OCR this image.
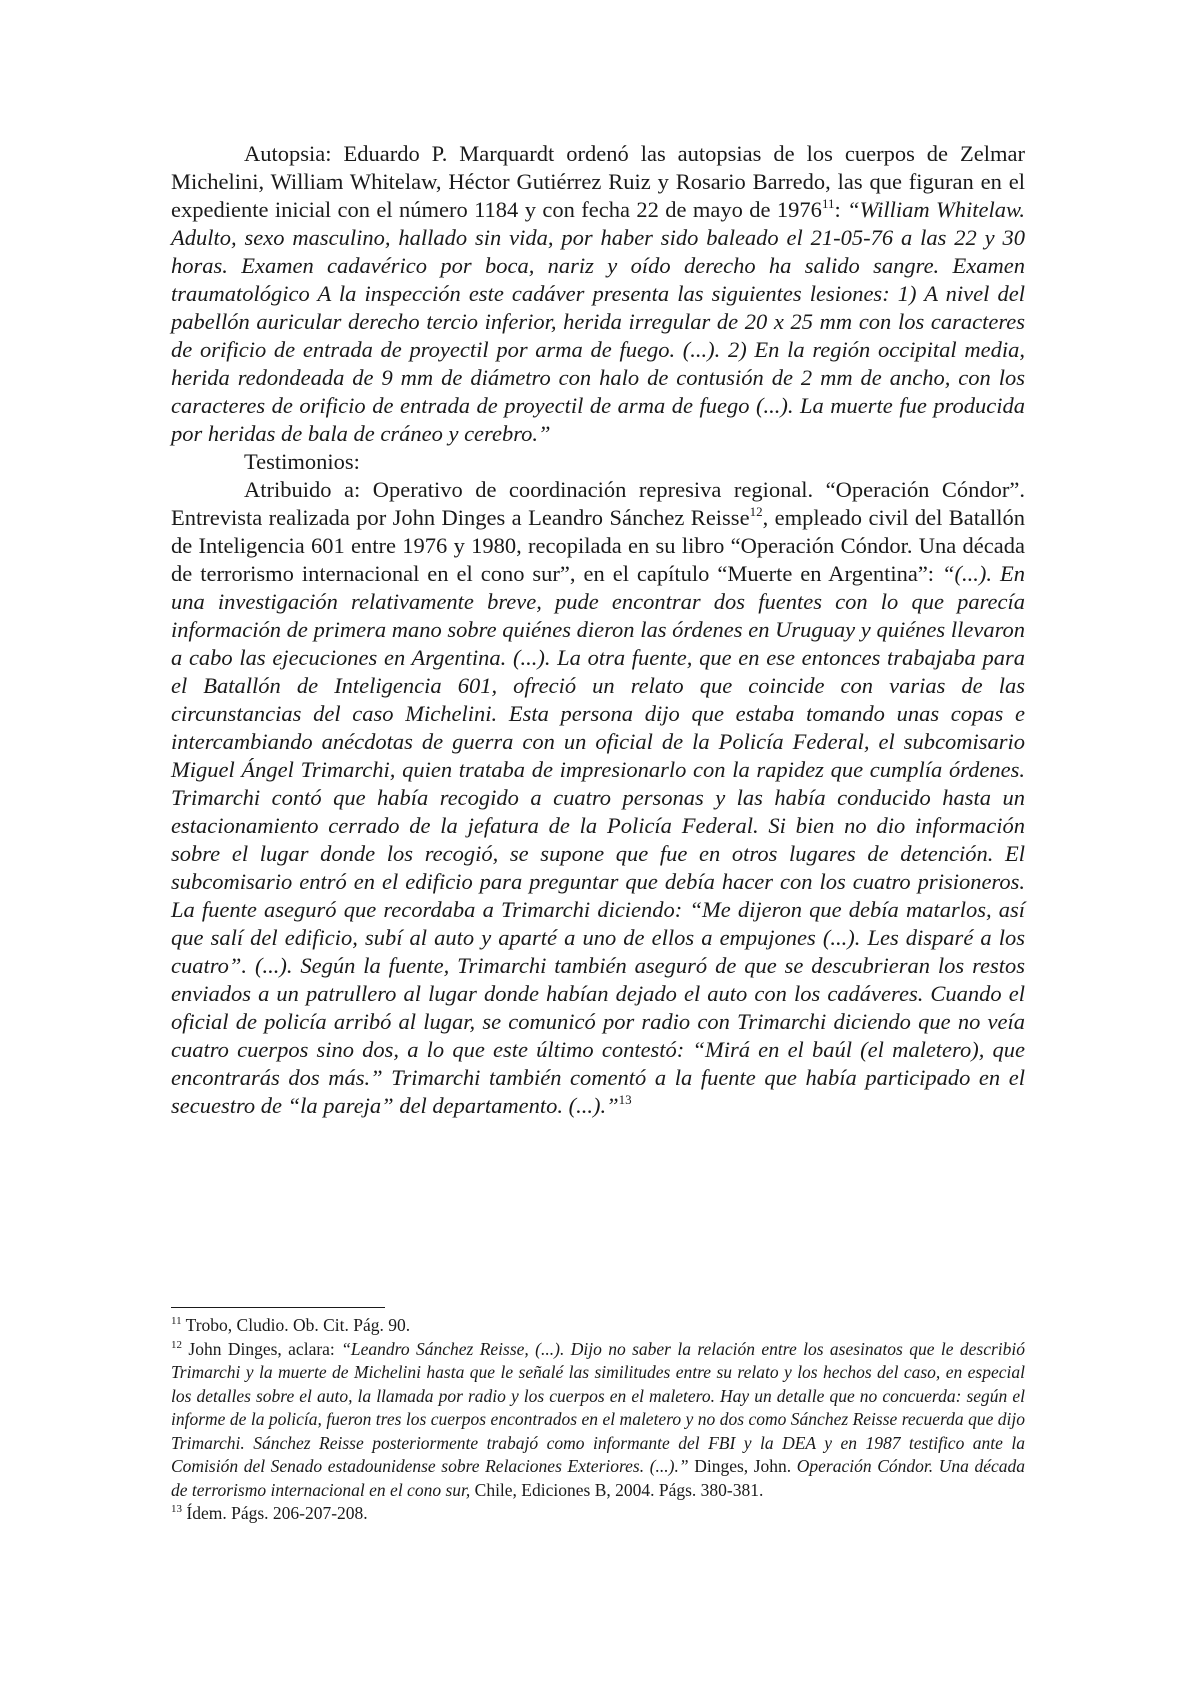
Autopsia: Eduardo P. Marquardt ordenó las autopsias de los cuerpos de Zelmar Michelini, William Whitelaw, Héctor Gutiérrez Ruiz y Rosario Barredo, las que figuran en el expediente inicial con el número 1184 y con fecha 22 de mayo de 1976$^{11}$: “William Whitelaw. Adulto, sexo masculino, hallado sin vida, por haber sido baleado el 21-05-76 a las 22 y 30 horas. Examen cadavérico por boca, nariz y oído derecho ha salido sangre. Examen traumatológico A la inspección este cadáver presenta las siguientes lesiones: 1) A nivel del pabellón auricular derecho tercio inferior, herida irregular de 20 x 25 mm con los caracteres de orificio de entrada de proyectil por arma de fuego. (...). 2) En la región occipital media, herida redondeada de 9 mm de diámetro con halo de contusión de 2 mm de ancho, con los caracteres de orificio de entrada de proyectil de arma de fuego (...). La muerte fue producida por heridas de bala de cráneo y cerebro.”

Testimonios:

Atribuido a: Operativo de coordinación represiva regional. “Operación Cóndor”. Entrevista realizada por John Dinges a Leandro Sánchez Reisse$^{12}$, empleado civil del Batallón de Inteligencia 601 entre 1976 y 1980, recopilada en su libro “Operación Cóndor. Una década de terrorismo internacional en el cono sur”, en el capítulo “Muerte en Argentina”: “(...). En una investigación relativamente breve, pude encontrar dos fuentes con lo que parecía información de primera mano sobre quiénes dieron las órdenes en Uruguay y quiénes llevaron a cabo las ejecuciones en Argentina. (...). La otra fuente, que en ese entonces trabajaba para el Batallón de Inteligencia 601, ofreció un relato que coincide con varias de las circunstancias del caso Michelini. Esta persona dijo que estaba tomando unas copas e intercambiando anécdotas de guerra con un oficial de la Policía Federal, el subcomisario Miguel Ángel Trimarchi, quien trataba de impresionarlo con la rapidez que cumplía órdenes. Trimarchi contó que había recogido a cuatro personas y las había conducido hasta un estacionamiento cerrado de la jefatura de la Policía Federal. Si bien no dio información sobre el lugar donde los recogió, se supone que fue en otros lugares de detención. El subcomisario entró en el edificio para preguntar que debía hacer con los cuatro prisioneros. La fuente aseguró que recordaba a Trimarchi diciendo: “Me dijeron que debía matarlos, así que salí del edificio, subí al auto y aparté a uno de ellos a empujones (...). Les disparé a los cuatro”. (...). Según la fuente, Trimarchi también aseguró de que se descubrieran los restos enviados a un patrullero al lugar donde habían dejado el auto con los cadáveres. Cuando el oficial de policía arribó al lugar, se comunicó por radio con Trimarchi diciendo que no veía cuatro cuerpos sino dos, a lo que este último contestó: “Mirá en el baúl (el maletero), que encontrarás dos más.” Trimarchi también comentó a la fuente que había participado en el secuestro de “la pareja” del departamento. (...).”$^{13}$

$^{11}$ Trobo, Cludio. Ob. Cit. Pág. 90.

$^{12}$ John Dinges, aclara: “Leandro Sánchez Reisse, (...). Dijo no saber la relación entre los asesinatos que le describió Trimarchi y la muerte de Michelini hasta que le señalé las similitudes entre su relato y los hechos del caso, en especial los detalles sobre el auto, la llamada por radio y los cuerpos en el maletero. Hay un detalle que no concuerda: según el informe de la policía, fueron tres los cuerpos encontrados en el maletero y no dos como Sánchez Reisse recuerda que dijo Trimarchi. Sánchez Reisse posteriormente trabajó como informante del FBI y la DEA y en 1987 testifico ante la Comisión del Senado estadounidense sobre Relaciones Exteriores. (...).” Dinges, John. Operación Cóndor. Una década de terrorismo internacional en el cono sur, Chile, Ediciones B, 2004. Págs. 380-381.

$^{13}$ Ídem. Págs. 206-207-208.
